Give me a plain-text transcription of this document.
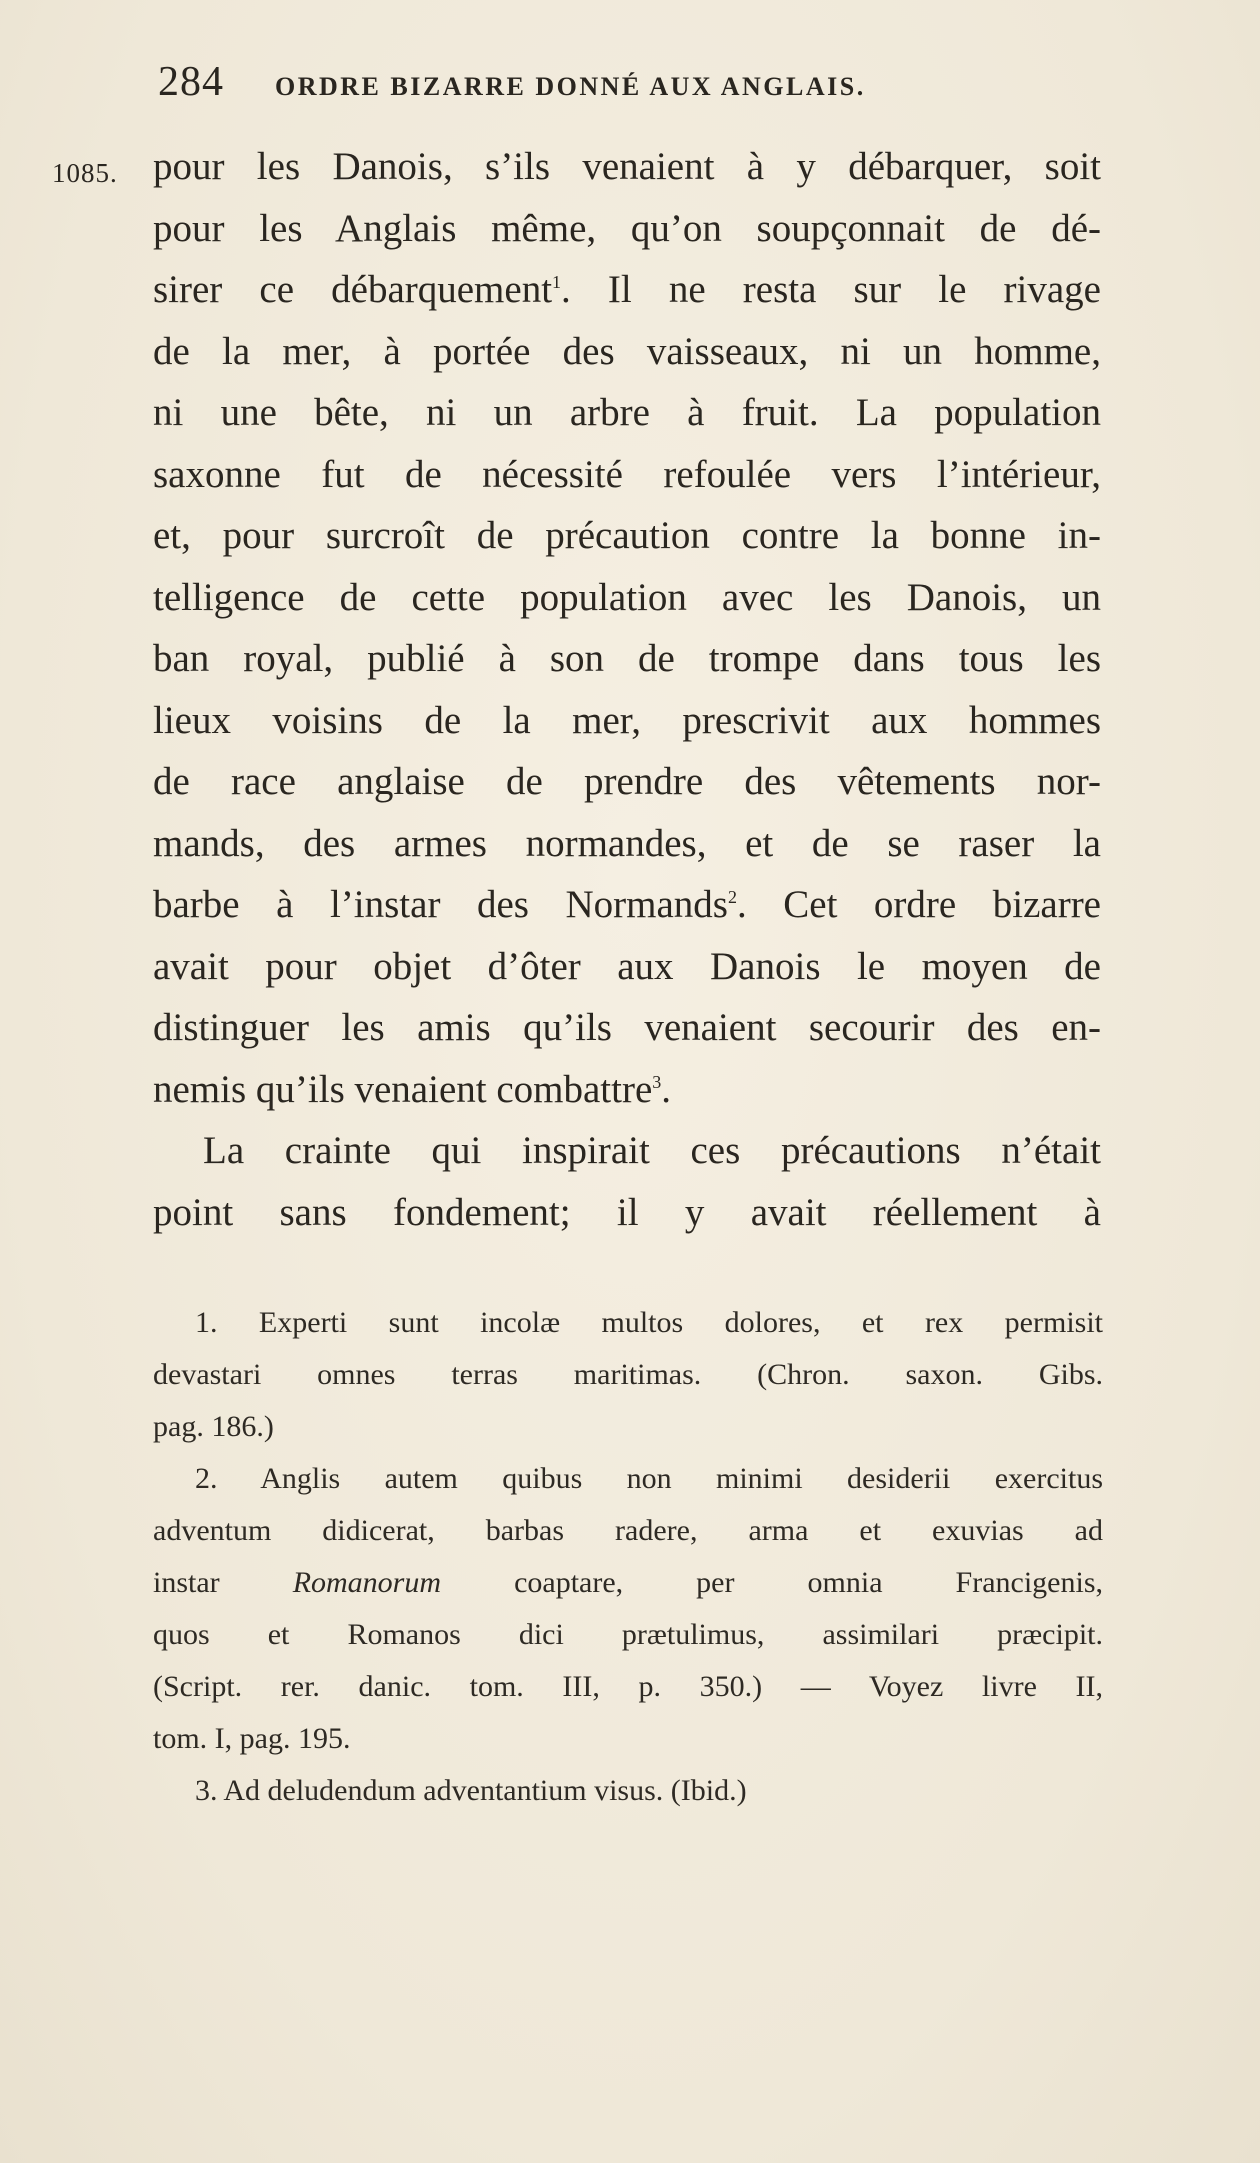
284 ORDRE BIZARRE DONNÉ AUX ANGLAIS.
1085. pour les Danois, s’ils venaient à y débarquer, soit
pour les Anglais même, qu’on soupçonnait de dé-
sirer ce débarquement$^1$. Il ne resta sur le rivage
de la mer, à portée des vaisseaux, ni un homme,
ni une bête, ni un arbre à fruit. La population
saxonne fut de nécessité refoulée vers l’intérieur,
et, pour surcroît de précaution contre la bonne in-
telligence de cette population avec les Danois, un
ban royal, publié à son de trompe dans tous les
lieux voisins de la mer, prescrivit aux hommes
de race anglaise de prendre des vêtements nor-
mands, des armes normandes, et de se raser la
barbe à l’instar des Normands$^2$. Cet ordre bizarre
avait pour objet d’ôter aux Danois le moyen de
distinguer les amis qu’ils venaient secourir des en-
nemis qu’ils venaient combattre$^3$.
La crainte qui inspirait ces précautions n’était
point sans fondement; il y avait réellement à
1. Experti sunt incolæ multos dolores, et rex permisit
devastari omnes terras maritimas. (Chron. saxon. Gibs.
pag. 186.)
2. Anglis autem quibus non minimi desiderii exercitus
adventum didicerat, barbas radere, arma et exuvias ad
instar Romanorum coaptare, per omnia Francigenis,
quos et Romanos dici prætulimus, assimilari præcipit.
(Script. rer. danic. tom. III, p. 350.) — Voyez livre II,
tom. I, pag. 195.
3. Ad deludendum adventantium visus. (Ibid.)
